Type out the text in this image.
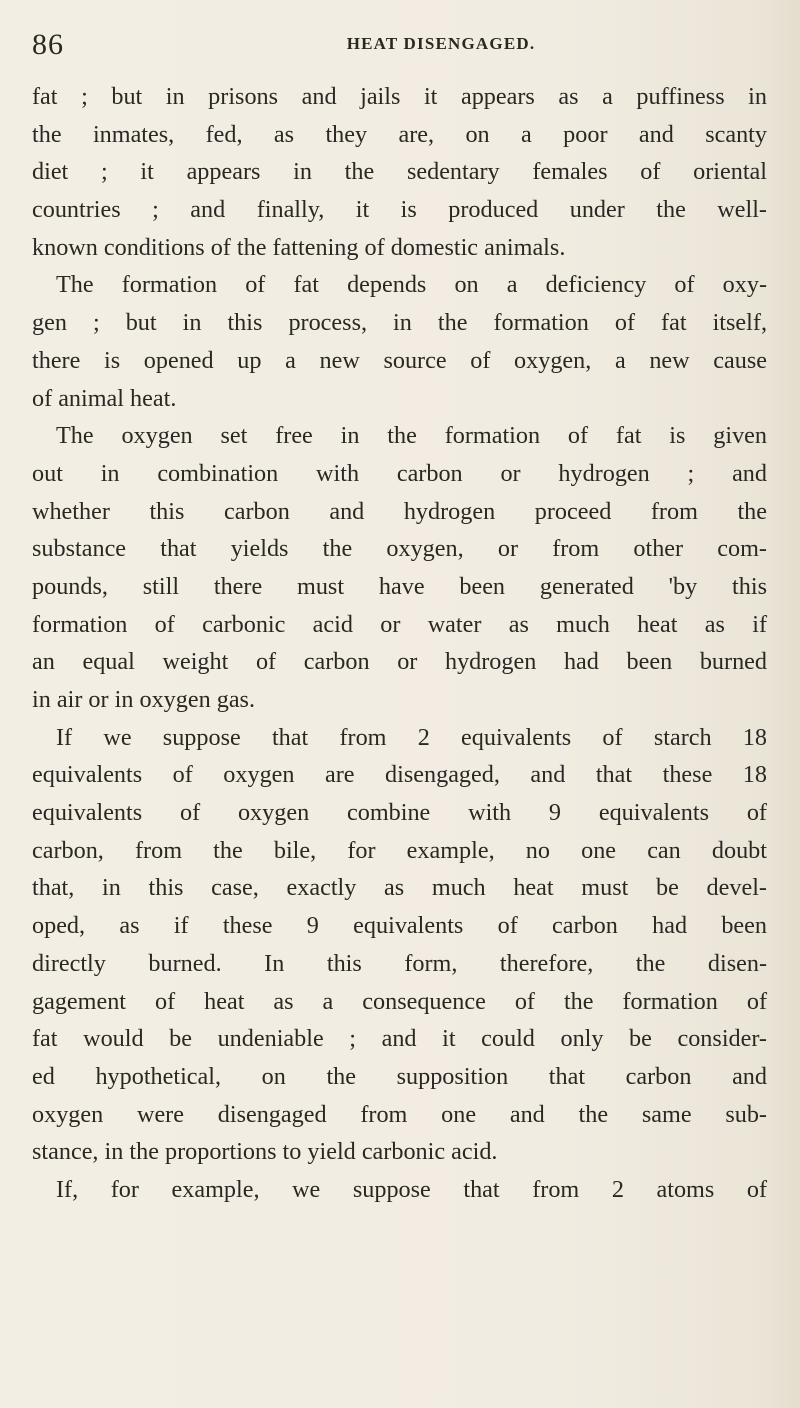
86	HEAT DISENGAGED.
fat ; but in prisons and jails it appears as a puffiness in
the inmates, fed, as they are, on a poor and scanty
diet ; it appears in the sedentary females of oriental
countries ; and finally, it is produced under the well-
known conditions of the fattening of domestic animals.
The formation of fat depends on a deficiency of oxy-
gen ; but in this process, in the formation of fat itself,
there is opened up a new source of oxygen, a new cause
of animal heat.
The oxygen set free in the formation of fat is given
out in combination with carbon or hydrogen ; and
whether this carbon and hydrogen proceed from the
substance that yields the oxygen, or from other com-
pounds, still there must have been generated 'by this
formation of carbonic acid or water as much heat as if
an equal weight of carbon or hydrogen had been burned
in air or in oxygen gas.
If we suppose that from 2 equivalents of starch 18
equivalents of oxygen are disengaged, and that these 18
equivalents of oxygen combine with 9 equivalents of
carbon, from the bile, for example, no one can doubt
that, in this case, exactly as much heat must be devel-
oped, as if these 9 equivalents of carbon had been
directly burned. In this form, therefore, the disen-
gagement of heat as a consequence of the formation of
fat would be undeniable ; and it could only be consider-
ed hypothetical, on the supposition that carbon and
oxygen were disengaged from one and the same sub-
stance, in the proportions to yield carbonic acid.
If, for example, we suppose that from 2 atoms of
